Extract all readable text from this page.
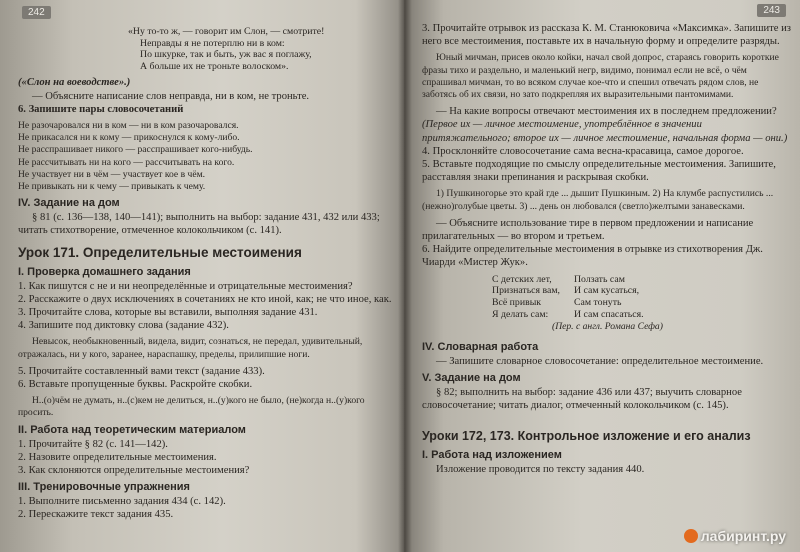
242

«Ну то-то ж, — говорит им Слон, — смотрите!

Неправды я не потерплю ни в ком:

По шкурке, так и быть, уж вас я поглажу,

А больше их не троньте волоском».

(«Слон на воеводстве».)

— Объясните написание слов неправда, ни в ком, не троньте.

6. Запишите пары словосочетаний

Не разочаровался ни в ком — ни в ком разочаровался.

Не прикасался ни к кому — прикоснулся к кому-либо.

Не расспрашивает никого — расспрашивает кого-нибудь.

Не рассчитывать ни на кого — рассчитывать на кого.

Не участвует ни в чём — участвует кое в чём.

Не привыкать ни к чему — привыкать к чему.

IV. Задание на дом

§ 81 (с. 136—138, 140—141); выполнить на выбор: задание 431, 432 или 433; читать стихотворение, отмеченное колокольчиком (с. 141).

Урок 171. Определительные местоимения

I. Проверка домашнего задания

1. Как пишутся с не и ни неопределённые и отрицательные местоимения?

2. Расскажите о двух исключениях в сочетаниях не кто иной, как; не что иное, как.

3. Прочитайте слова, которые вы вставили, выполняя задание 431.

4. Запишите под диктовку слова (задание 432).

Невысок, необыкновенный, видела, видит, сознаться, не передал, удивительный, отражалась, ни у кого, заранее, нараспашку, пределы, прилипшие ноги.

5. Прочитайте составленный вами текст (задание 433).

6. Вставьте пропущенные буквы. Раскройте скобки.

Н..(о)чём не думать, н..(с)кем не делиться, н..(у)кого не было, (не)когда н..(у)кого просить.

II. Работа над теоретическим материалом

1. Прочитайте § 82 (с. 141—142).

2. Назовите определительные местоимения.

3. Как склоняются определительные местоимения?

III. Тренировочные упражнения

1. Выполните письменно задания 434 (с. 142).

2. Перескажите текст задания 435.

243

3. Прочитайте отрывок из рассказа К. М. Станюковича «Максимка». Запишите из него все местоимения, поставьте их в начальную форму и определите разряды.

Юный мичман, присев около койки, начал свой допрос, стараясь говорить короткие фразы тихо и раздельно, и маленький негр, видимо, понимал если не всё, о чём спрашивал мичман, то во всяком случае кое-что и спешил отвечать рядом слов, не заботясь об их связи, но зато подкрепляя их выразительными пантомимами.

— На какие вопросы отвечают местоимения их в последнем предложении?

(Первое их — личное местоимение, употреблённое в значении притяжательного; второе их — личное местоимение, начальная форма — они.)

4. Просклоняйте словосочетание сама весна-красавица, самое дорогое.

5. Вставьте подходящие по смыслу определительные местоимения. Запишите, расставляя знаки препинания и раскрывая скобки.

1) Пушкиногорье это край где ... дышит Пушкиным. 2) На клумбе распустились ... (нежно)голубые цветы. 3) ... день он любовался (светло)желтыми занавесками.

— Объясните использование тире в первом предложении и написание прилагательных — во втором и третьем.

6. Найдите определительные местоимения в отрывке из стихотворения Дж. Чиарди «Мистер Жук».

С детских лет,

Признаться вам,

Всё привык

Я делать сам:

Ползать сам

И сам кусаться,

Сам тонуть

И сам спасаться.

(Пер. с англ. Романа Сефа)

IV. Словарная работа

— Запишите словарное словосочетание: определительное местоимение.

V. Задание на дом

§ 82; выполнить на выбор: задание 436 или 437; выучить словарное словосочетание; читать диалог, отмеченный колокольчиком (с. 145).

Уроки 172, 173. Контрольное изложение и его анализ

I. Работа над изложением

Изложение проводится по тексту задания 440.

лабиринт.ру
